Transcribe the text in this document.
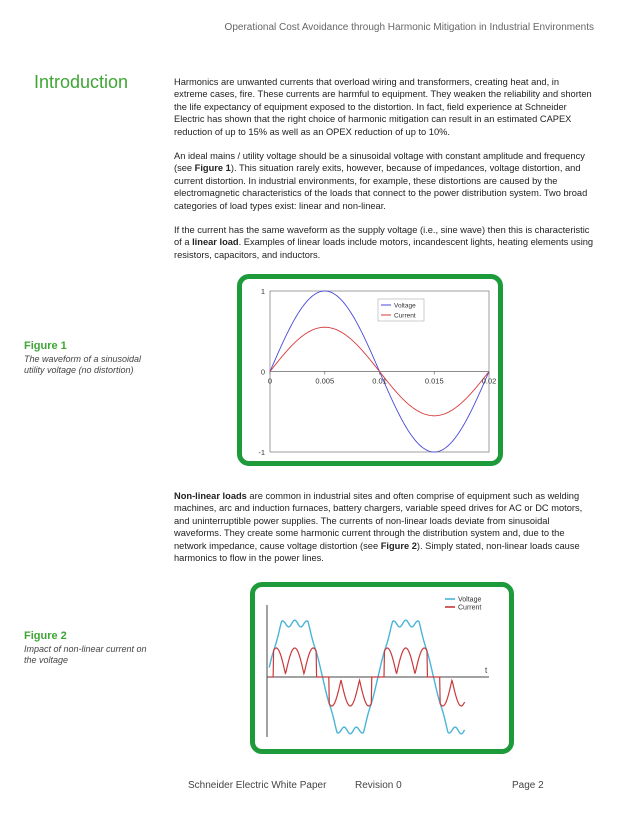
Operational Cost Avoidance through Harmonic Mitigation in Industrial Environments
Introduction	Harmonics are unwanted currents that overload wiring and transformers, creating heat and, in extreme cases, fire. These currents are harmful to equipment. They weaken the reliability and shorten the life expectancy of equipment exposed to the distortion. In fact, field experience at Schneider Electric has shown that the right choice of harmonic mitigation can result in an estimated CAPEX reduction of up to 15% as well as an OPEX reduction of up to 10%.

An ideal mains / utility voltage should be a sinusoidal voltage with constant amplitude and frequency (see Figure 1). This situation rarely exits, however, because of impedances, voltage distortion, and current distortion. In industrial environments, for example, these distortions are caused by the electromagnetic characteristics of the loads that connect to the power distribution system. Two broad categories of load types exist: linear and non-linear.

If the current has the same waveform as the supply voltage (i.e., sine wave) then this is characteristic of a linear load. Examples of linear loads include motors, incandescent lights, heating elements using resistors, capacitors, and inductors.

Figure 1
The waveform of a sinusoidal utility voltage (no distortion)
0	0.005	0.01	0.015	0.02
1
0
-1
Voltage
Current

Non-linear loads are common in industrial sites and often comprise of equipment such as welding machines, arc and induction furnaces, battery chargers, variable speed drives for AC or DC motors, and uninterruptible power supplies. The currents of non-linear loads deviate from sinusoidal waveforms. They create some harmonic current through the distribution system and, due to the network impedance, cause voltage distortion (see Figure 2). Simply stated, non-linear loads cause harmonics to flow in the power lines.

Figure 2
Impact of non-linear current on the voltage
t
Voltage
Current
Schneider Electric White Paper	Revision 0	Page 2
